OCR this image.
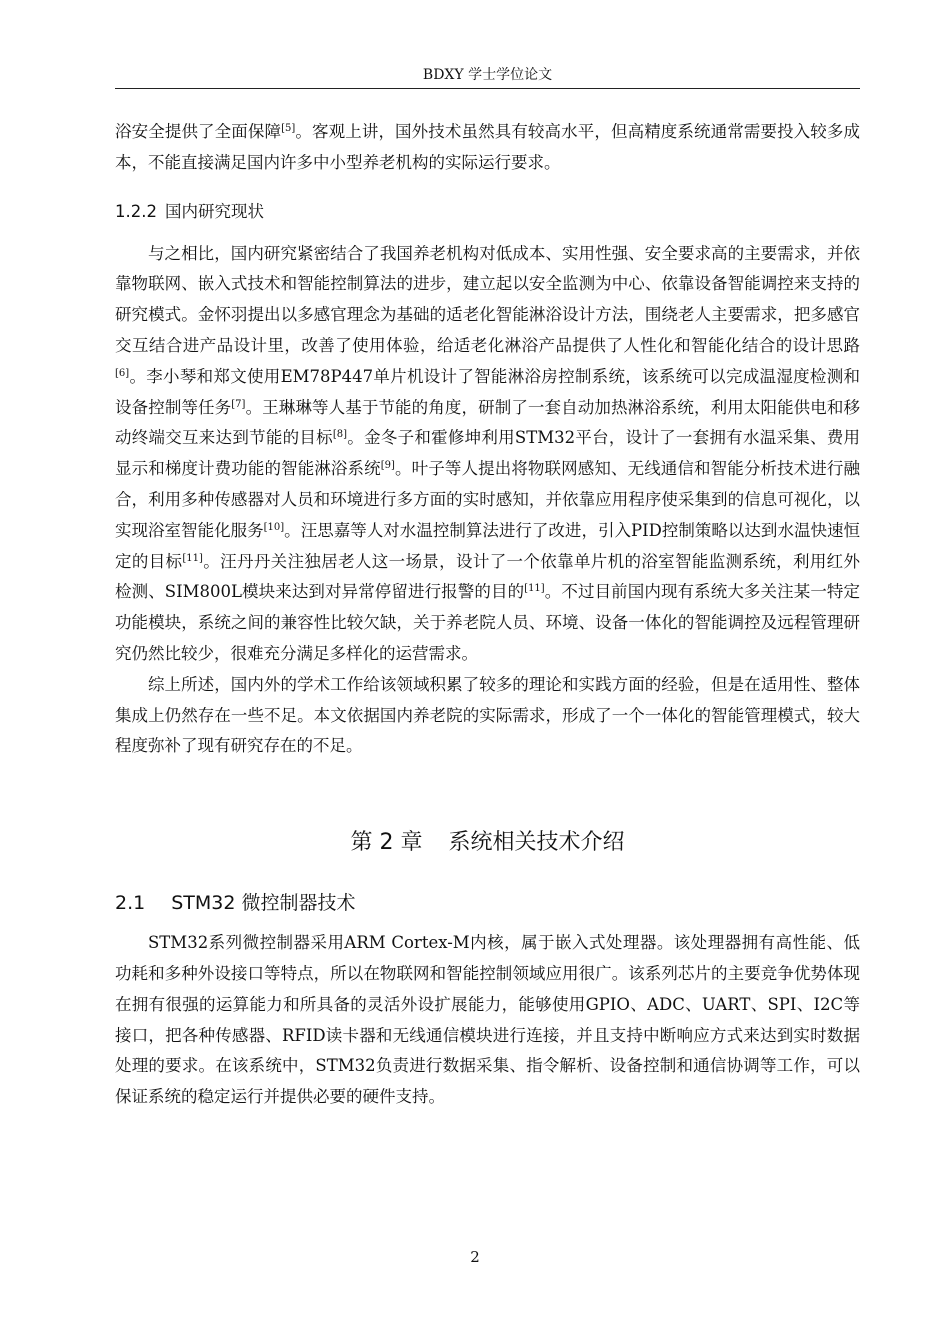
BDXY 学士学位论文

浴安全提供了全面保障[5]。客观上讲，国外技术虽然具有较高水平，但高精度系统通常需要投入较多成本，不能直接满足国内许多中小型养老机构的实际运行要求。

1.2.2 国内研究现状

与之相比，国内研究紧密结合了我国养老机构对低成本、实用性强、安全要求高的主要需求，并依靠物联网、嵌入式技术和智能控制算法的进步，建立起以安全监测为中心、依靠设备智能调控来支持的研究模式。金怀羽提出以多感官理念为基础的适老化智能淋浴设计方法，围绕老人主要需求，把多感官交互结合进产品设计里，改善了使用体验，给适老化淋浴产品提供了人性化和智能化结合的设计思路[6]。李小琴和郑文使用EM78P447单片机设计了智能淋浴房控制系统，该系统可以完成温湿度检测和设备控制等任务[7]。王琳琳等人基于节能的角度，研制了一套自动加热淋浴系统，利用太阳能供电和移动终端交互来达到节能的目标[8]。金冬子和霍修坤利用STM32平台，设计了一套拥有水温采集、费用显示和梯度计费功能的智能淋浴系统[9]。叶子等人提出将物联网感知、无线通信和智能分析技术进行融合，利用多种传感器对人员和环境进行多方面的实时感知，并依靠应用程序使采集到的信息可视化，以实现浴室智能化服务[10]。汪思嘉等人对水温控制算法进行了改进，引入PID控制策略以达到水温快速恒定的目标[11]。汪丹丹关注独居老人这一场景，设计了一个依靠单片机的浴室智能监测系统，利用红外检测、SIM800L模块来达到对异常停留进行报警的目的[11]。不过目前国内现有系统大多关注某一特定功能模块，系统之间的兼容性比较欠缺，关于养老院人员、环境、设备一体化的智能调控及远程管理研究仍然比较少，很难充分满足多样化的运营需求。

综上所述，国内外的学术工作给该领域积累了较多的理论和实践方面的经验，但是在适用性、整体集成上仍然存在一些不足。本文依据国内养老院的实际需求，形成了一个一体化的智能管理模式，较大程度弥补了现有研究存在的不足。

第 2 章 系统相关技术介绍
2.1 STM32 微控制器技术

STM32系列微控制器采用ARM Cortex-M内核，属于嵌入式处理器。该处理器拥有高性能、低功耗和多种外设接口等特点，所以在物联网和智能控制领域应用很广。该系列芯片的主要竞争优势体现在拥有很强的运算能力和所具备的灵活外设扩展能力，能够使用GPIO、ADC、UART、SPI、I2C等接口，把各种传感器、RFID读卡器和无线通信模块进行连接，并且支持中断响应方式来达到实时数据处理的要求。在该系统中，STM32负责进行数据采集、指令解析、设备控制和通信协调等工作，可以保证系统的稳定运行并提供必要的硬件支持。

2
